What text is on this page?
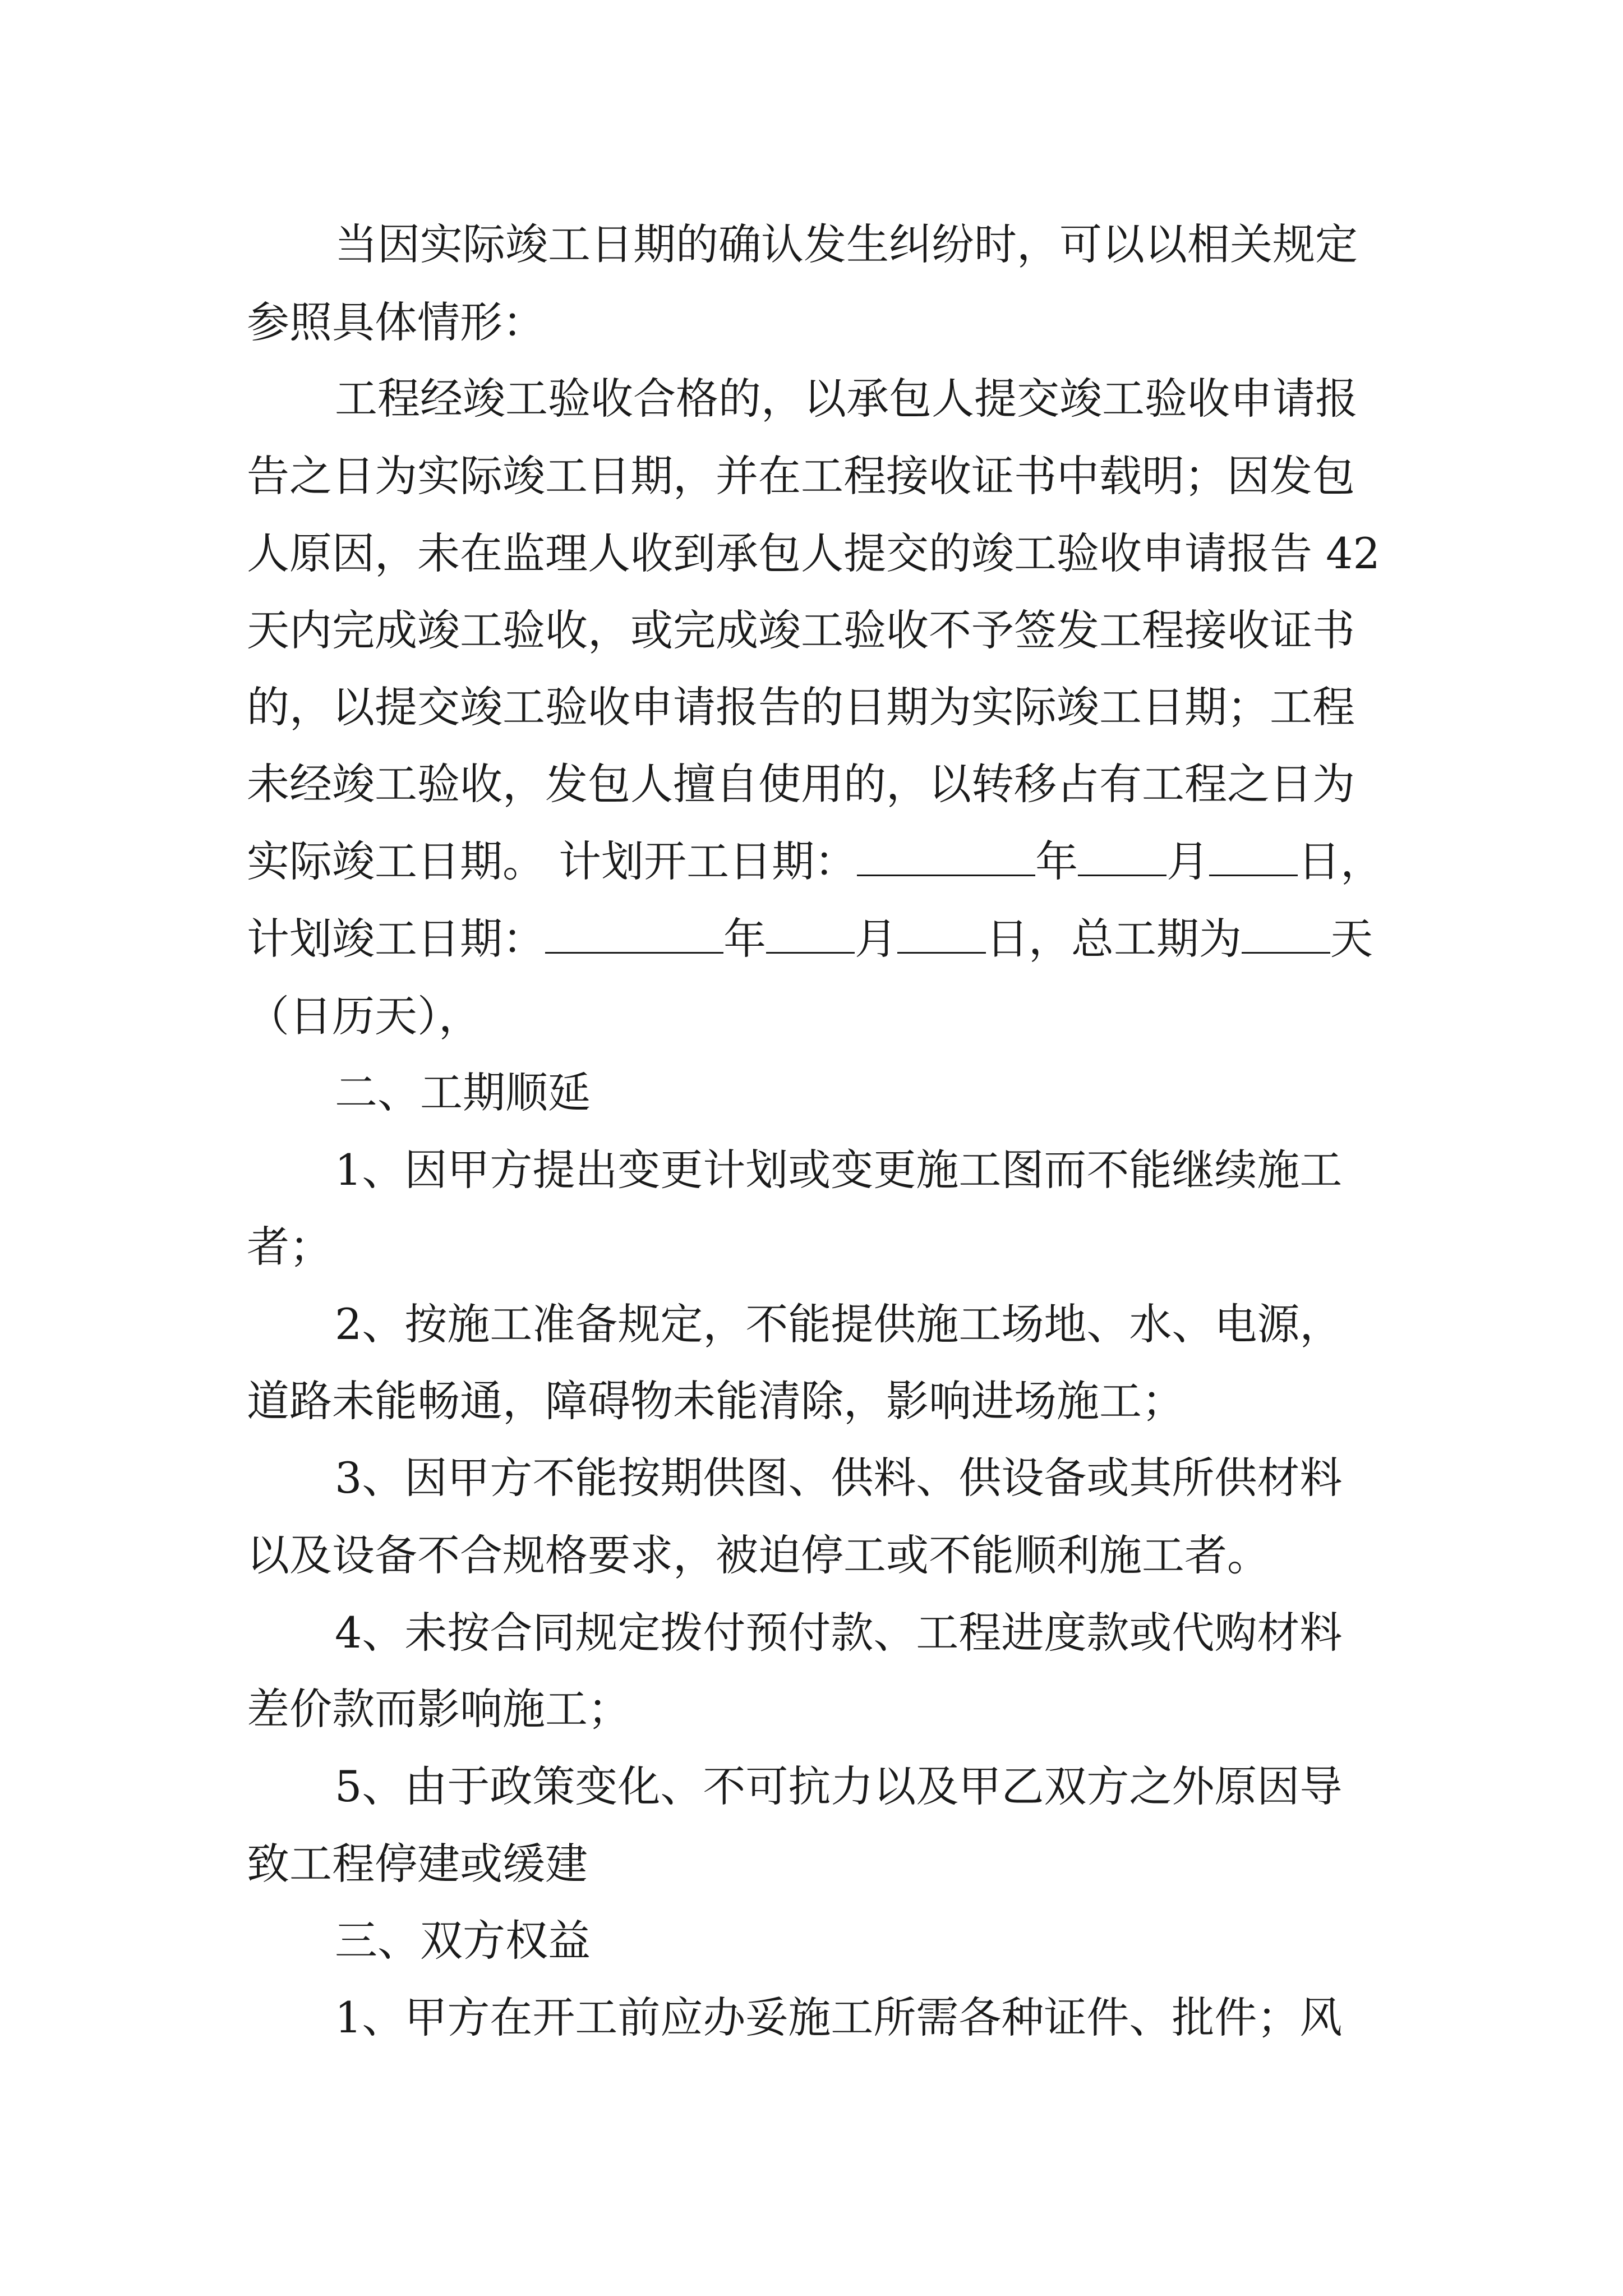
当因实际竣工日期的确认发生纠纷时，可以以相关规定
参照具体情形：
工程经竣工验收合格的，以承包人提交竣工验收申请报
告之日为实际竣工日期，并在工程接收证书中载明；因发包
人原因，未在监理人收到承包人提交的竣工验收申请报告 42
天内完成竣工验收，或完成竣工验收不予签发工程接收证书
的，以提交竣工验收申请报告的日期为实际竣工日期；工程
未经竣工验收，发包人擅自使用的，以转移占有工程之日为
实际竣工日期。 计划开工日期：	年 月 日，
计划竣工日期：	年 月 日，总工期为 天
（日历天），
二、工期顺延
1、因甲方提出变更计划或变更施工图而不能继续施工
者；
2、按施工准备规定，不能提供施工场地、水、电源，
道路未能畅通，障碍物未能清除，影响进场施工；
3、因甲方不能按期供图、供料、供设备或其所供材料
以及设备不合规格要求，被迫停工或不能顺利施工者。
4、未按合同规定拨付预付款、工程进度款或代购材料
差价款而影响施工；
5、由于政策变化、不可抗力以及甲乙双方之外原因导
致工程停建或缓建
三、双方权益
1、甲方在开工前应办妥施工所需各种证件、批件；风
